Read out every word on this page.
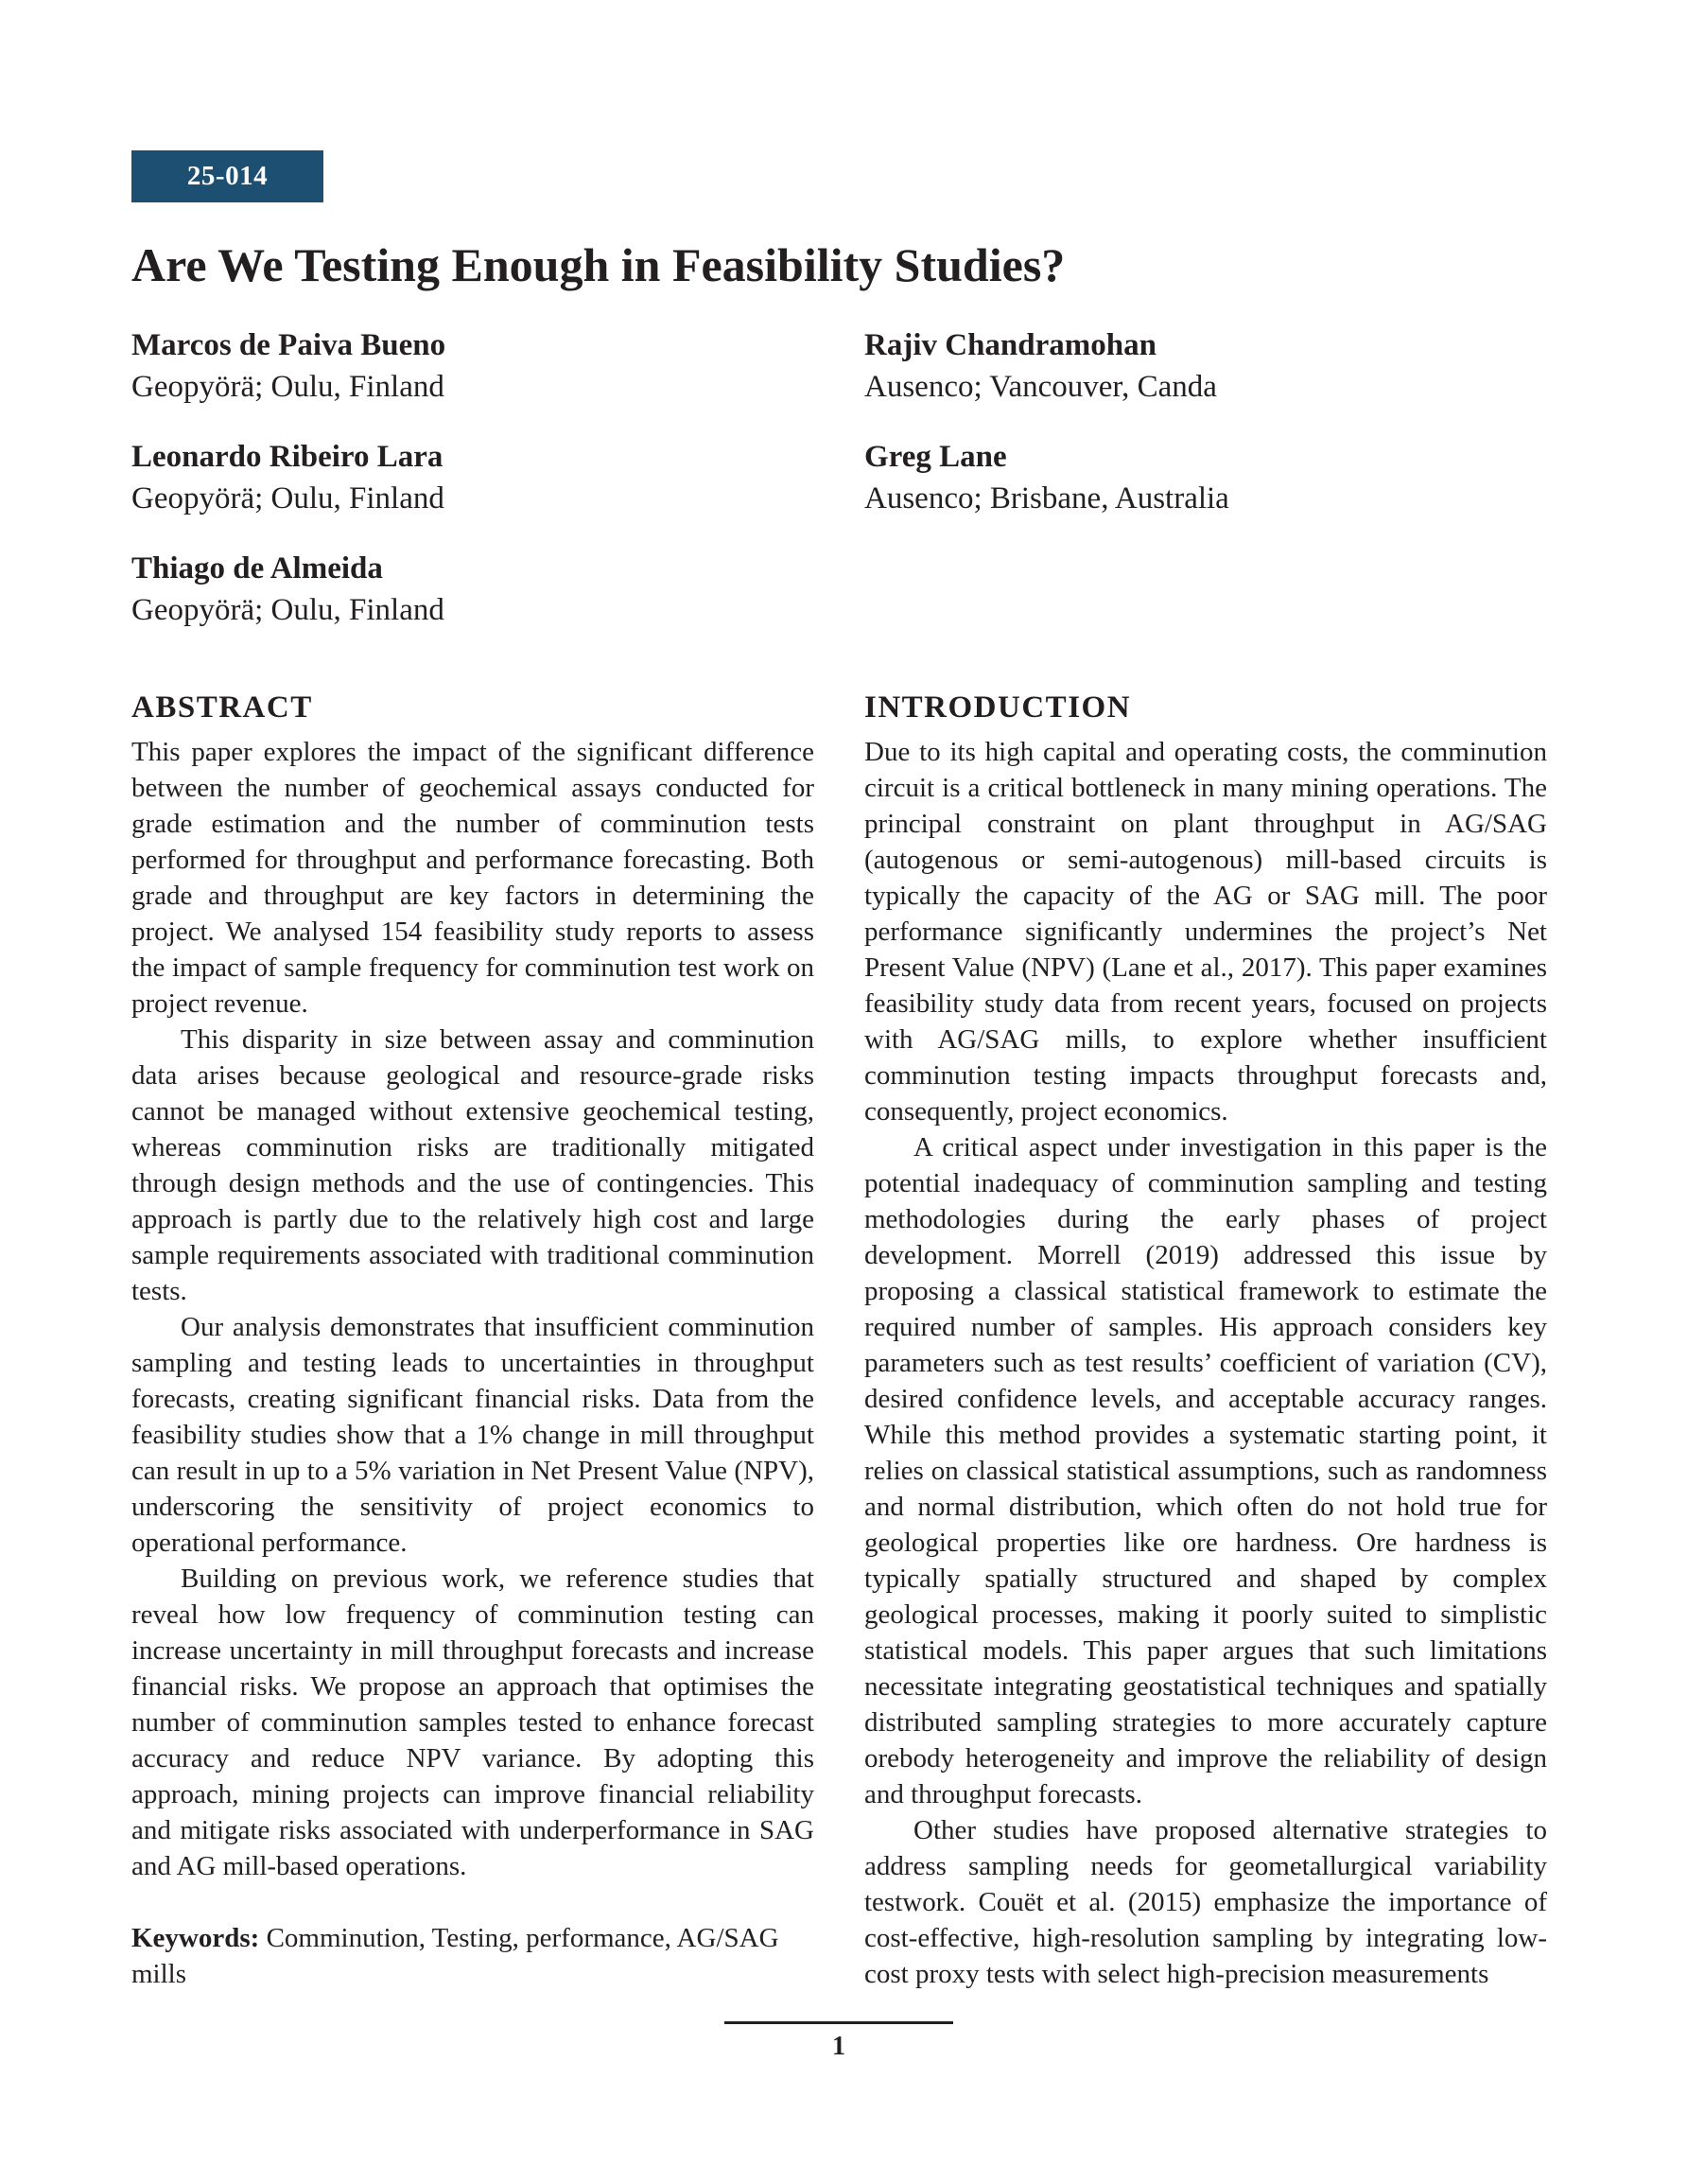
25-014
Are We Testing Enough in Feasibility Studies?
Marcos de Paiva Bueno
Geopyörä; Oulu, Finland
Leonardo Ribeiro Lara
Geopyörä; Oulu, Finland
Thiago de Almeida
Geopyörä; Oulu, Finland
Rajiv Chandramohan
Ausenco; Vancouver, Canda
Greg Lane
Ausenco; Brisbane, Australia
ABSTRACT

This paper explores the impact of the significant difference between the number of geochemical assays conducted for grade estimation and the number of comminution tests performed for throughput and performance forecasting. Both grade and throughput are key factors in determining the project. We analysed 154 feasibility study reports to assess the impact of sample frequency for comminution test work on project revenue.

This disparity in size between assay and comminution data arises because geological and resource-grade risks cannot be managed without extensive geochemical testing, whereas comminution risks are traditionally mitigated through design methods and the use of contingencies. This approach is partly due to the relatively high cost and large sample requirements associated with traditional comminution tests.

Our analysis demonstrates that insufficient comminution sampling and testing leads to uncertainties in throughput forecasts, creating significant financial risks. Data from the feasibility studies show that a 1% change in mill throughput can result in up to a 5% variation in Net Present Value (NPV), underscoring the sensitivity of project economics to operational performance.

Building on previous work, we reference studies that reveal how low frequency of comminution testing can increase uncertainty in mill throughput forecasts and increase financial risks. We propose an approach that optimises the number of comminution samples tested to enhance forecast accuracy and reduce NPV variance. By adopting this approach, mining projects can improve financial reliability and mitigate risks associated with underperformance in SAG and AG mill-based operations.

Keywords: Comminution, Testing, performance, AG/SAG mills
INTRODUCTION

Due to its high capital and operating costs, the comminution circuit is a critical bottleneck in many mining operations. The principal constraint on plant throughput in AG/SAG (autogenous or semi-autogenous) mill-based circuits is typically the capacity of the AG or SAG mill. The poor performance significantly undermines the project’s Net Present Value (NPV) (Lane et al., 2017). This paper examines feasibility study data from recent years, focused on projects with AG/SAG mills, to explore whether insufficient comminution testing impacts throughput forecasts and, consequently, project economics.

A critical aspect under investigation in this paper is the potential inadequacy of comminution sampling and testing methodologies during the early phases of project development. Morrell (2019) addressed this issue by proposing a classical statistical framework to estimate the required number of samples. His approach considers key parameters such as test results’ coefficient of variation (CV), desired confidence levels, and acceptable accuracy ranges. While this method provides a systematic starting point, it relies on classical statistical assumptions, such as randomness and normal distribution, which often do not hold true for geological properties like ore hardness. Ore hardness is typically spatially structured and shaped by complex geological processes, making it poorly suited to simplistic statistical models. This paper argues that such limitations necessitate integrating geostatistical techniques and spatially distributed sampling strategies to more accurately capture orebody heterogeneity and improve the reliability of design and throughput forecasts.

Other studies have proposed alternative strategies to address sampling needs for geometallurgical variability testwork. Couët et al. (2015) emphasize the importance of cost-effective, high-resolution sampling by integrating low-cost proxy tests with select high-precision measurements

1
